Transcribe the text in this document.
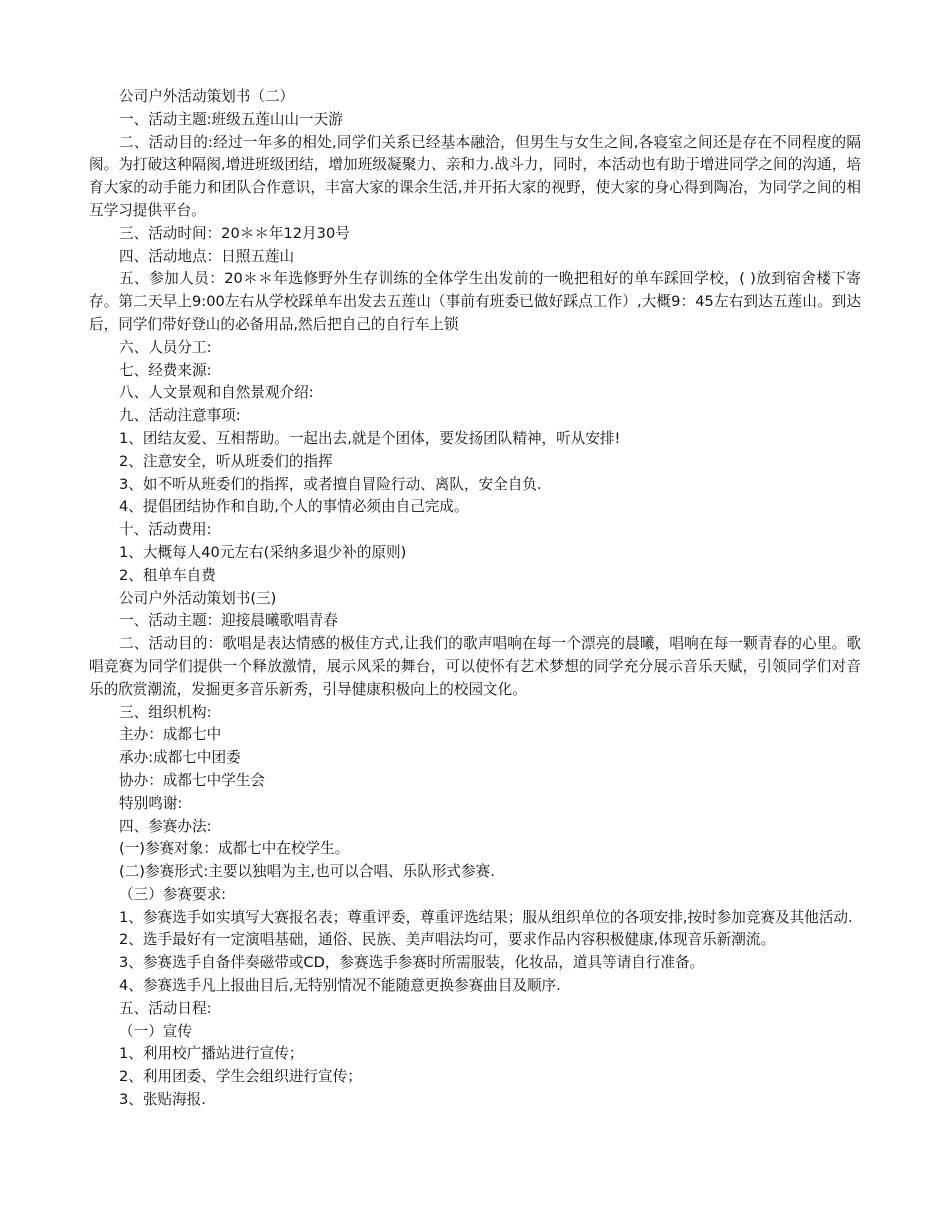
公司户外活动策划书（二）

一、活动主题:班级五莲山山一天游

二、活动目的:经过一年多的相处,同学们关系已经基本融洽，但男生与女生之间,各寝室之间还是存在不同程度的隔阂。为打破这种隔阂,增进班级团结，增加班级凝聚力、亲和力.战斗力，同时，本活动也有助于增进同学之间的沟通，培育大家的动手能力和团队合作意识，丰富大家的课余生活,并开拓大家的视野，使大家的身心得到陶冶，为同学之间的相互学习提供平台。

三、活动时间：20＊＊年12月30号

四、活动地点：日照五莲山

五、参加人员：20＊＊年选修野外生存训练的全体学生出发前的一晚把租好的单车踩回学校，( )放到宿舍楼下寄存。第二天早上9:00左右从学校踩单车出发去五莲山（事前有班委已做好踩点工作）,大概9：45左右到达五莲山。到达后，同学们带好登山的必备用品,然后把自己的自行车上锁

六、人员分工:

七、经费来源:

八、人文景观和自然景观介绍:

九、活动注意事项:

1、团结友爱、互相帮助。一起出去,就是个团体，要发扬团队精神，听从安排!

2、注意安全，听从班委们的指挥

3、如不听从班委们的指挥，或者擅自冒险行动、离队，安全自负.

4、提倡团结协作和自助,个人的事情必须由自己完成。

十、活动费用:

1、大概每人40元左右(采纳多退少补的原则)

2、租单车自费

公司户外活动策划书(三)

一、活动主题：迎接晨曦歌唱青春

二、活动目的：歌唱是表达情感的极佳方式,让我们的歌声唱响在每一个漂亮的晨曦，唱响在每一颗青春的心里。歌唱竞赛为同学们提供一个释放激情，展示风采的舞台，可以使怀有艺术梦想的同学充分展示音乐天赋，引领同学们对音乐的欣赏潮流，发掘更多音乐新秀，引导健康积极向上的校园文化。

三、组织机构:

主办：成都七中

承办:成都七中团委

协办：成都七中学生会

特别鸣谢:

四、参赛办法:

(一)参赛对象：成都七中在校学生。

(二)参赛形式:主要以独唱为主,也可以合唱、乐队形式参赛.

（三）参赛要求:

1、参赛选手如实填写大赛报名表；尊重评委，尊重评选结果；服从组织单位的各项安排,按时参加竞赛及其他活动.

2、选手最好有一定演唱基础，通俗、民族、美声唱法均可，要求作品内容积极健康,体现音乐新潮流。

3、参赛选手自备伴奏磁带或CD，参赛选手参赛时所需服装，化妆品，道具等请自行准备。

4、参赛选手凡上报曲目后,无特别情况不能随意更换参赛曲目及顺序.

五、活动日程:

（一）宣传

1、利用校广播站进行宣传；

2、利用团委、学生会组织进行宣传；

3、张贴海报.
